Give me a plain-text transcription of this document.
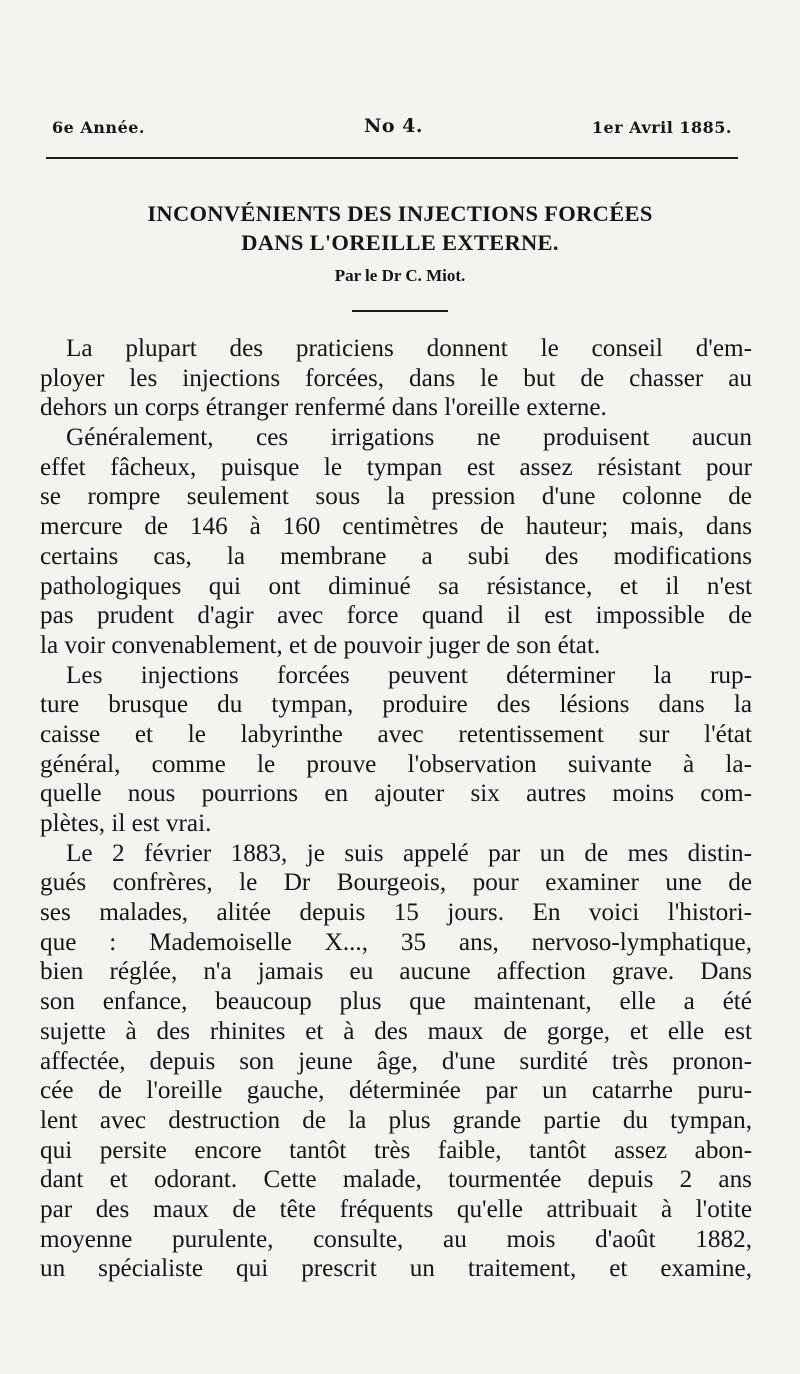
6e Année.	No 4.	1er Avril 1885.
INCONVÉNIENTS DES INJECTIONS FORCÉES
DANS L'OREILLE EXTERNE.
Par le Dr C. Miot.
La plupart des praticiens donnent le conseil d'em-
ployer les injections forcées, dans le but de chasser au
dehors un corps étranger renfermé dans l'oreille externe.
Généralement, ces irrigations ne produisent aucun
effet fâcheux, puisque le tympan est assez résistant pour
se rompre seulement sous la pression d'une colonne de
mercure de 146 à 160 centimètres de hauteur; mais, dans
certains cas, la membrane a subi des modifications
pathologiques qui ont diminué sa résistance, et il n'est
pas prudent d'agir avec force quand il est impossible de
la voir convenablement, et de pouvoir juger de son état.
Les injections forcées peuvent déterminer la rup-
ture brusque du tympan, produire des lésions dans la
caisse et le labyrinthe avec retentissement sur l'état
général, comme le prouve l'observation suivante à la-
quelle nous pourrions en ajouter six autres moins com-
plètes, il est vrai.
Le 2 février 1883, je suis appelé par un de mes distin-
gués confrères, le Dr Bourgeois, pour examiner une de
ses malades, alitée depuis 15 jours. En voici l'histori-
que : Mademoiselle X..., 35 ans, nervoso-lymphatique,
bien réglée, n'a jamais eu aucune affection grave. Dans
son enfance, beaucoup plus que maintenant, elle a été
sujette à des rhinites et à des maux de gorge, et elle est
affectée, depuis son jeune âge, d'une surdité très pronon-
cée de l'oreille gauche, déterminée par un catarrhe puru-
lent avec destruction de la plus grande partie du tympan,
qui persite encore tantôt très faible, tantôt assez abon-
dant et odorant. Cette malade, tourmentée depuis 2 ans
par des maux de tête fréquents qu'elle attribuait à l'otite
moyenne purulente, consulte, au mois d'août 1882,
un spécialiste qui prescrit un traitement, et examine,
